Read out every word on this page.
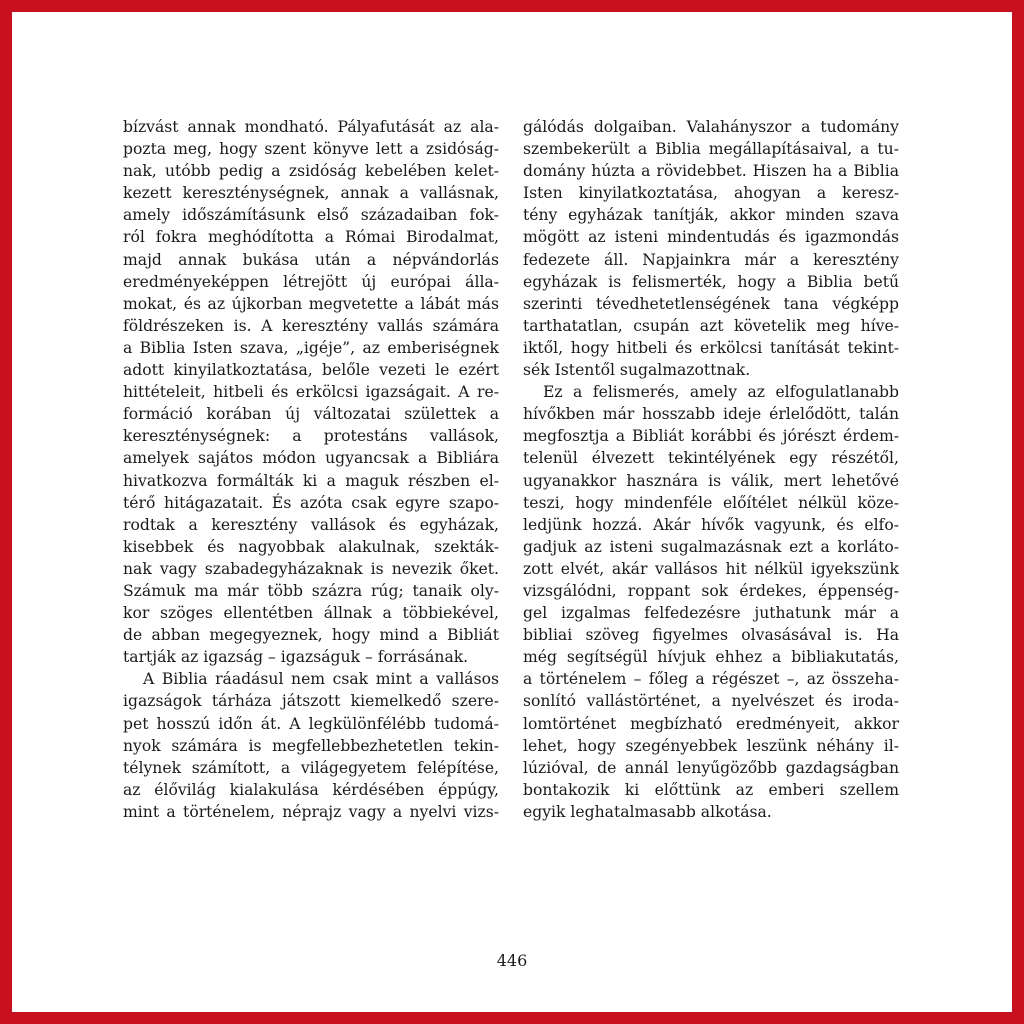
bízvást annak mondható. Pályafutását az ala-
pozta meg, hogy szent könyve lett a zsidóság-
nak, utóbb pedig a zsidóság kebelében kelet-
kezett kereszténységnek, annak a vallásnak,
amely időszámításunk első századaiban fok-
ról fokra meghódította a Római Birodalmat,
majd annak bukása után a népvándorlás
eredményeképpen létrejött új európai álla-
mokat, és az újkorban megvetette a lábát más
földrészeken is. A keresztény vallás számára
a Biblia Isten szava, „igéje”, az emberiségnek
adott kinyilatkoztatása, belőle vezeti le ezért
hittételeit, hitbeli és erkölcsi igazságait. A re-
formáció korában új változatai születtek a
kereszténységnek: a protestáns vallások,
amelyek sajátos módon ugyancsak a Bibliára
hivatkozva formálták ki a maguk részben el-
térő hitágazatait. És azóta csak egyre szapo-
rodtak a keresztény vallások és egyházak,
kisebbek és nagyobbak alakulnak, szekták-
nak vagy szabadegyházaknak is nevezik őket.
Számuk ma már több százra rúg; tanaik oly-
kor szöges ellentétben állnak a többiekével,
de abban megegyeznek, hogy mind a Bibliát
tartják az igazság – igazságuk – forrásának.
A Biblia ráadásul nem csak mint a vallásos
igazságok tárháza játszott kiemelkedő szere-
pet hosszú időn át. A legkülönfélébb tudomá-
nyok számára is megfellebbezhetetlen tekin-
télynek számított, a világegyetem felépítése,
az élővilág kialakulása kérdésében éppúgy,
mint a történelem, néprajz vagy a nyelvi vizs-
gálódás dolgaiban. Valahányszor a tudomány
szembekerült a Biblia megállapításaival, a tu-
domány húzta a rövidebbet. Hiszen ha a Biblia
Isten kinyilatkoztatása, ahogyan a keresz-
tény egyházak tanítják, akkor minden szava
mögött az isteni mindentudás és igazmondás
fedezete áll. Napjainkra már a keresztény
egyházak is felismerték, hogy a Biblia betű
szerinti tévedhetetlenségének tana végképp
tarthatatlan, csupán azt követelik meg híve-
iktől, hogy hitbeli és erkölcsi tanítását tekint-
sék Istentől sugalmazottnak.
Ez a felismerés, amely az elfogulatlanabb
hívőkben már hosszabb ideje érlelődött, talán
megfosztja a Bibliát korábbi és jórészt érdem-
telenül élvezett tekintélyének egy részétől,
ugyanakkor hasznára is válik, mert lehetővé
teszi, hogy mindenféle előítélet nélkül köze-
ledjünk hozzá. Akár hívők vagyunk, és elfo-
gadjuk az isteni sugalmazásnak ezt a korláto-
zott elvét, akár vallásos hit nélkül igyekszünk
vizsgálódni, roppant sok érdekes, éppenség-
gel izgalmas felfedezésre juthatunk már a
bibliai szöveg figyelmes olvasásával is. Ha
még segítségül hívjuk ehhez a bibliakutatás,
a történelem – főleg a régészet –, az összeha-
sonlító vallástörténet, a nyelvészet és iroda-
lomtörténet megbízható eredményeit, akkor
lehet, hogy szegényebbek leszünk néhány il-
lúzióval, de annál lenyűgözőbb gazdagságban
bontakozik ki előttünk az emberi szellem
egyik leghatalmasabb alkotása.
446
